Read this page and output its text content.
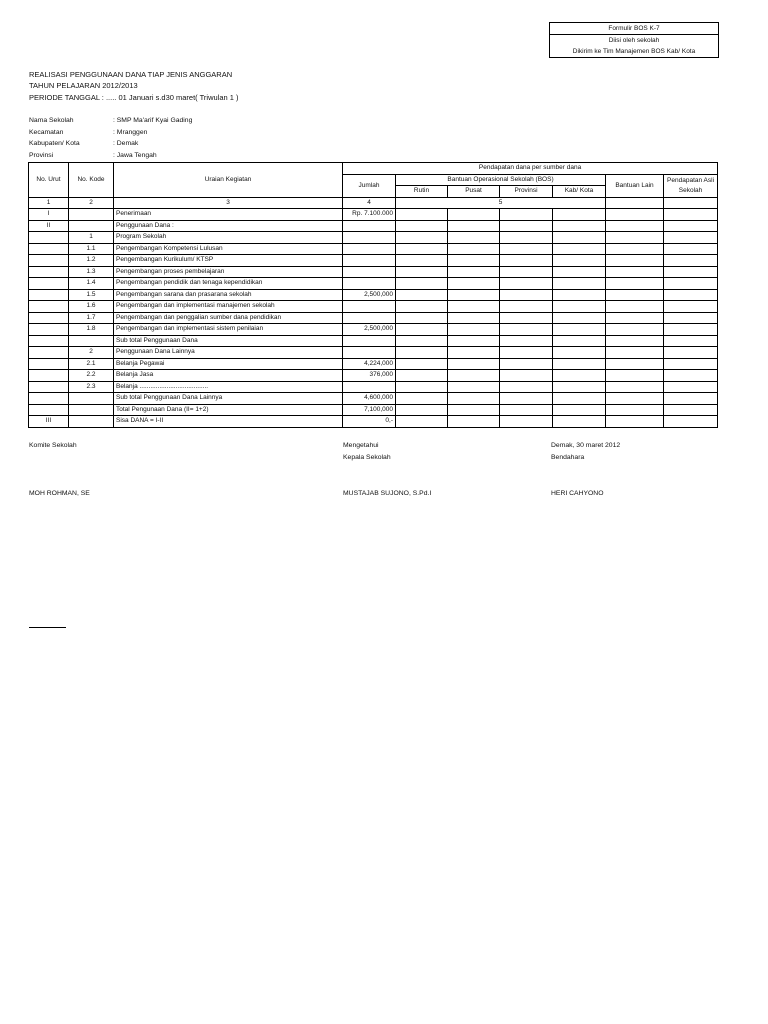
Formulir BOS K-7
Diisi oleh sekolah
Dikirim ke Tim Manajemen BOS Kab/ Kota
REALISASI PENGGUNAAN DANA TIAP JENIS ANGGARAN
TAHUN PELAJARAN 2012/2013
PERIODE TANGGAL : ..... 01 Januari s.d30 maret( Triwulan 1 )
Nama Sekolah	: SMP Ma'arif Kyai Gading
Kecamatan	: Mranggen
Kabupaten/ Kota	: Demak
Provinsi	: Jawa Tengah
No. Urut	No. Kode	Uraian Kegiatan	Pendapatan dana per sumber dana						
			Jumlah	Bantuan Operasional Sekolah (BOS)				Bantuan Lain	Pendapatan Asli Sekolah
				Rutin	Pusat	Provinsi	Kab/ Kota		
1	2	3	4	5					
I		Penerimaan	Rp. 7.100.000						
II		Penggunaan Dana :							
	1	Program Sekolah							
	1.1	Pengembangan Kompetensi Lulusan							
	1.2	Pengembangan Kurikulum/ KTSP							
	1.3	Pengembangan proses pembelajaran							
	1.4	Pengembangan pendidik dan tenaga kependidikan							
	1.5	Pengembangan sarana dan prasarana sekolah	2,500,000						
	1.6	Pengembangan dan implementasi manajemen sekolah							
	1.7	Pengembangan dan penggalian sumber dana pendidikan							
	1.8	Pengembangan dan implementasi sistem penilaian	2,500,000						
		Sub total Penggunaan Dana							
	2	Penggunaan Dana Lainnya							
	2.1	Belanja Pegawai	4,224,000						
	2.2	Belanja Jasa	376,000						
	2.3	Belanja ......................................							
		Sub total Penggunaan Dana Lainnya	4,600,000						
		Total Pengunaan Dana (II= 1+2)	7,100,000						
III		Sisa DANA = I-II	0,-						
Komite Sekolah
MOH ROHMAN, SE
Mengetahui
Kepala Sekolah
MUSTAJAB SUJONO, S.Pd.I
Demak, 30 maret 2012
Bendahara
HERI CAHYONO
